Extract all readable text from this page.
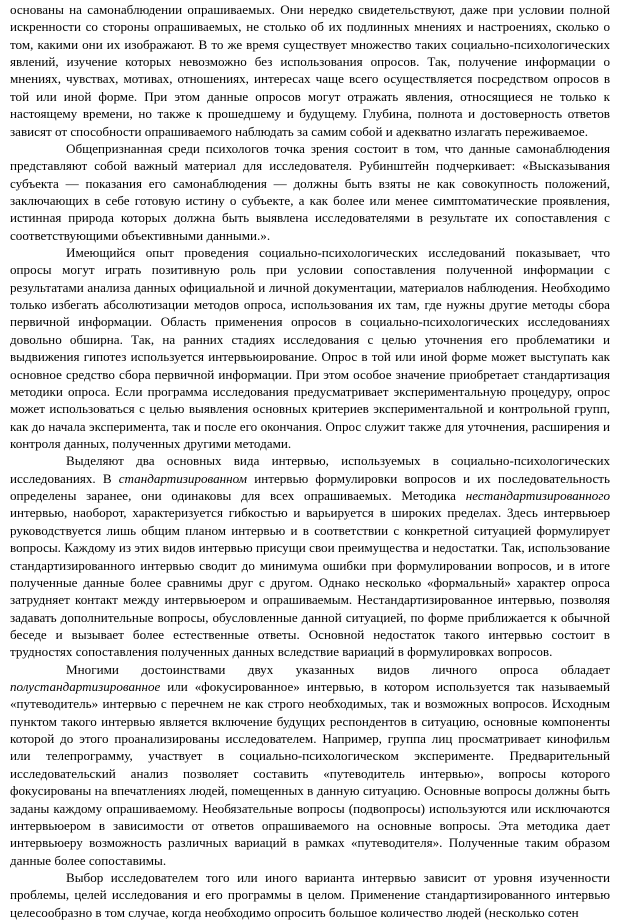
основаны на самонаблюдении опрашиваемых. Они нередко свидетельствуют, даже при условии полной искренности со стороны опрашиваемых, не столько об их подлинных мнениях и настроениях, сколько о том, какими они их изображают. В то же время существует множество таких социально-психологических явлений, изучение которых невозможно без использования опросов. Так, получение информации о мнениях, чувствах, мотивах, отношениях, интересах чаще всего осуществляется посредством опросов в той или иной форме. При этом данные опросов могут отражать явления, относящиеся не только к настоящему времени, но также к прошедшему и будущему. Глубина, полнота и достоверность ответов зависят от способности опрашиваемого наблюдать за самим собой и адекватно излагать переживаемое.

Общепризнанная среди психологов точка зрения состоит в том, что данные самонаблюдения представляют собой важный материал для исследователя. Рубинштейн подчеркивает: «Высказывания субъекта — показания его самонаблюдения — должны быть взяты не как совокупность положений, заключающих в себе готовую истину о субъекте, а как более или менее симптоматические проявления, истинная природа которых должна быть выявлена исследователями в результате их сопоставления с соответствующими объективными данными.».

Имеющийся опыт проведения социально-психологических исследований показывает, что опросы могут играть позитивную роль при условии сопоставления полученной информации с результатами анализа данных официальной и личной документации, материалов наблюдения. Необходимо только избегать абсолютизации методов опроса, использования их там, где нужны другие методы сбора первичной информации. Область применения опросов в социально-психологических исследованиях довольно обширна. Так, на ранних стадиях исследования с целью уточнения его проблематики и выдвижения гипотез используется интервьюирование. Опрос в той или иной форме может выступать как основное средство сбора первичной информации. При этом особое значение приобретает стандартизация методики опроса. Если программа исследования предусматривает экспериментальную процедуру, опрос может использоваться с целью выявления основных критериев экспериментальной и контрольной групп, как до начала эксперимента, так и после его окончания. Опрос служит также для уточнения, расширения и контроля данных, полученных другими методами.

Выделяют два основных вида интервью, используемых в социально-психологических исследованиях. В стандартизированном интервью формулировки вопросов и их последовательность определены заранее, они одинаковы для всех опрашиваемых. Методика нестандартизированного интервью, наоборот, характеризуется гибкостью и варьируется в широких пределах. Здесь интервьюер руководствуется лишь общим планом интервью и в соответствии с конкретной ситуацией формулирует вопросы. Каждому из этих видов интервью присущи свои преимущества и недостатки. Так, использование стандартизированного интервью сводит до минимума ошибки при формулировании вопросов, и в итоге полученные данные более сравнимы друг с другом. Однако несколько «формальный» характер опроса затрудняет контакт между интервьюером и опрашиваемым. Нестандартизированное интервью, позволяя задавать дополнительные вопросы, обусловленные данной ситуацией, по форме приближается к обычной беседе и вызывает более естественные ответы. Основной недостаток такого интервью состоит в трудностях сопоставления полученных данных вследствие вариаций в формулировках вопросов.

Многими достоинствами двух указанных видов личного опроса обладает полустандартизированное или «фокусированное» интервью, в котором используется так называемый «путеводитель» интервью с перечнем не как строго необходимых, так и возможных вопросов. Исходным пунктом такого интервью является включение будущих респондентов в ситуацию, основные компоненты которой до этого проанализированы исследователем. Например, группа лиц просматривает кинофильм или телепрограмму, участвует в социально-психологическом эксперименте. Предварительный исследовательский анализ позволяет составить «путеводитель интервью», вопросы которого фокусированы на впечатлениях людей, помещенных в данную ситуацию. Основные вопросы должны быть заданы каждому опрашиваемому. Необязательные вопросы (подвопросы) используются или исключаются интервьюером в зависимости от ответов опрашиваемого на основные вопросы. Эта методика дает интервьюеру возможность различных вариаций в рамках «путеводителя». Полученные таким образом данные более сопоставимы.

Выбор исследователем того или иного варианта интервью зависит от уровня изученности проблемы, целей исследования и его программы в целом. Применение стандартизированного интервью целесообразно в том случае, когда необходимо опросить большое количество людей (несколько сотен
